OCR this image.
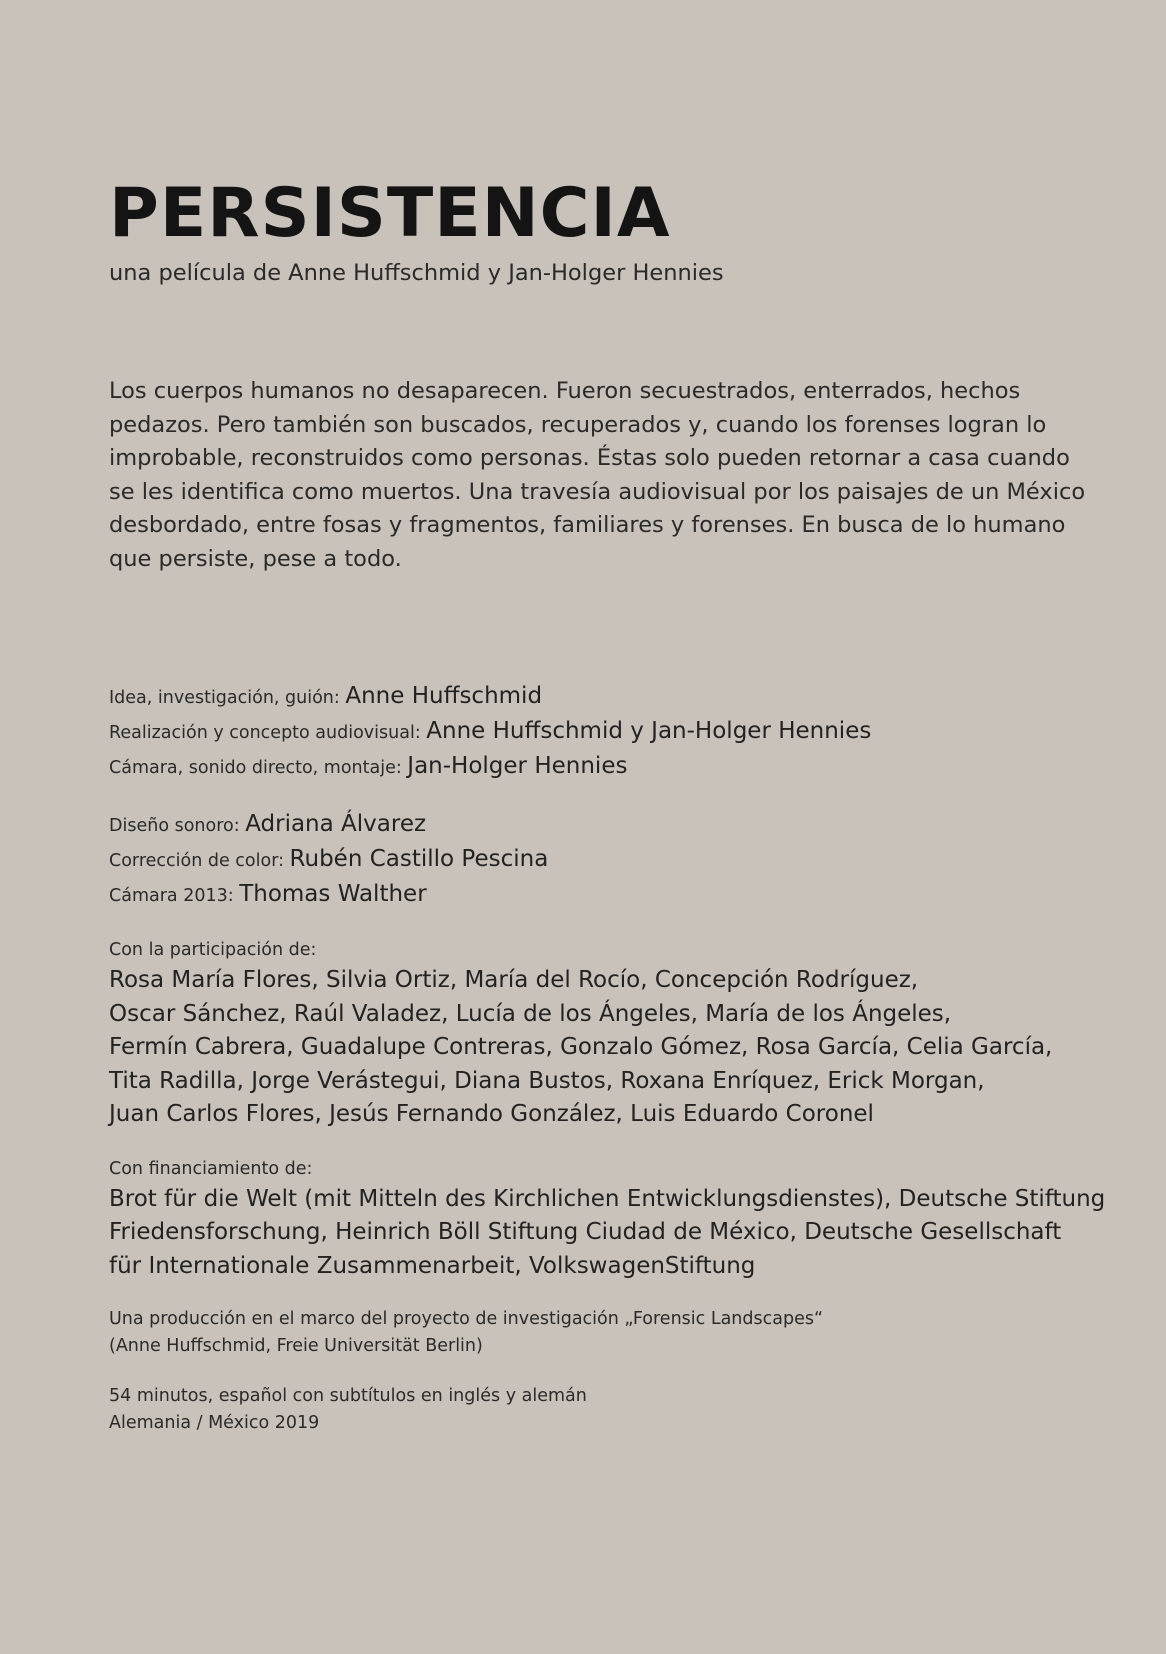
PERSISTENCIA
una película de Anne Huffschmid y Jan-Holger Hennies
Los cuerpos humanos no desaparecen. Fueron secuestrados, enterrados, hechos
pedazos. Pero también son buscados, recuperados y, cuando los forenses logran lo
improbable, reconstruidos como personas. Éstas solo pueden retornar a casa cuando
se les identifica como muertos. Una travesía audiovisual por los paisajes de un México
desbordado, entre fosas y fragmentos, familiares y forenses. En busca de lo humano
que persiste, pese a todo.
Idea, investigación, guión: Anne Huffschmid
Realización y concepto audiovisual: Anne Huffschmid y Jan-Holger Hennies
Cámara, sonido directo, montaje: Jan-Holger Hennies
Diseño sonoro: Adriana Álvarez
Corrección de color: Rubén Castillo Pescina
Cámara 2013: Thomas Walther
Con la participación de:
Rosa María Flores, Silvia Ortiz, María del Rocío, Concepción Rodríguez,
Oscar Sánchez, Raúl Valadez, Lucía de los Ángeles, María de los Ángeles,
Fermín Cabrera, Guadalupe Contreras, Gonzalo Gómez, Rosa García, Celia García,
Tita Radilla, Jorge Verástegui, Diana Bustos, Roxana Enríquez, Erick Morgan,
Juan Carlos Flores, Jesús Fernando González, Luis Eduardo Coronel
Con financiamiento de:
Brot für die Welt (mit Mitteln des Kirchlichen Entwicklungsdienstes), Deutsche Stiftung
Friedensforschung, Heinrich Böll Stiftung Ciudad de México, Deutsche Gesellschaft
für Internationale Zusammenarbeit, VolkswagenStiftung
Una producción en el marco del proyecto de investigación „Forensic Landscapes“
(Anne Huffschmid, Freie Universität Berlin)
54 minutos, español con subtítulos en inglés y alemán
Alemania / México 2019
